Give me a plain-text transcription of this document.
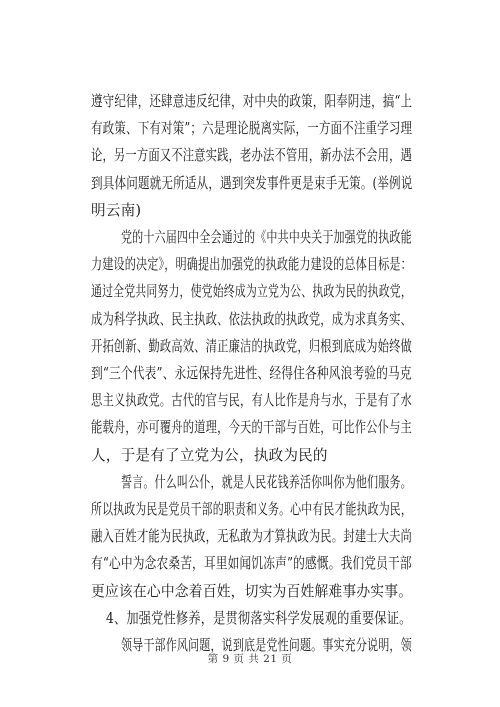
遵守纪律，还肆意违反纪律，对中央的政策，阳奉阴违，搞“上
有政策、下有对策”；六是理论脱离实际，一方面不注重学习理
论，另一方面又不注意实践，老办法不管用，新办法不会用，遇
到具体问题就无所适从，遇到突发事件更是束手无策。(举例说
明云南)
党的十六届四中全会通过的《中共中央关于加强党的执政能
力建设的决定》，明确提出加强党的执政能力建设的总体目标是：
通过全党共同努力，使党始终成为立党为公、执政为民的执政党，
成为科学执政、民主执政、依法执政的执政党，成为求真务实、
开拓创新、勤政高效、清正廉洁的执政党，归根到底成为始终做
到“三个代表”、永远保持先进性、经得住各种风浪考验的马克
思主义执政党。古代的官与民，有人比作是舟与水，于是有了水
能载舟，亦可覆舟的道理，今天的干部与百姓，可比作公仆与主
人，于是有了立党为公，执政为民的
誓言。什么叫公仆，就是人民花钱养活你叫你为他们服务。
所以执政为民是党员干部的职责和义务。心中有民才能执政为民，
融入百姓才能为民执政，无私敢为才算执政为民。封建士大夫尚
有“心中为念农桑苦，耳里如闻饥冻声”的感慨。我们党员干部
更应该在心中念着百姓，切实为百姓解难事办实事。
4、加强党性修养，是贯彻落实科学发展观的重要保证。
第 9 页 共 21 页
领导干部作风问题，说到底是党性问题。事实充分说明，领
